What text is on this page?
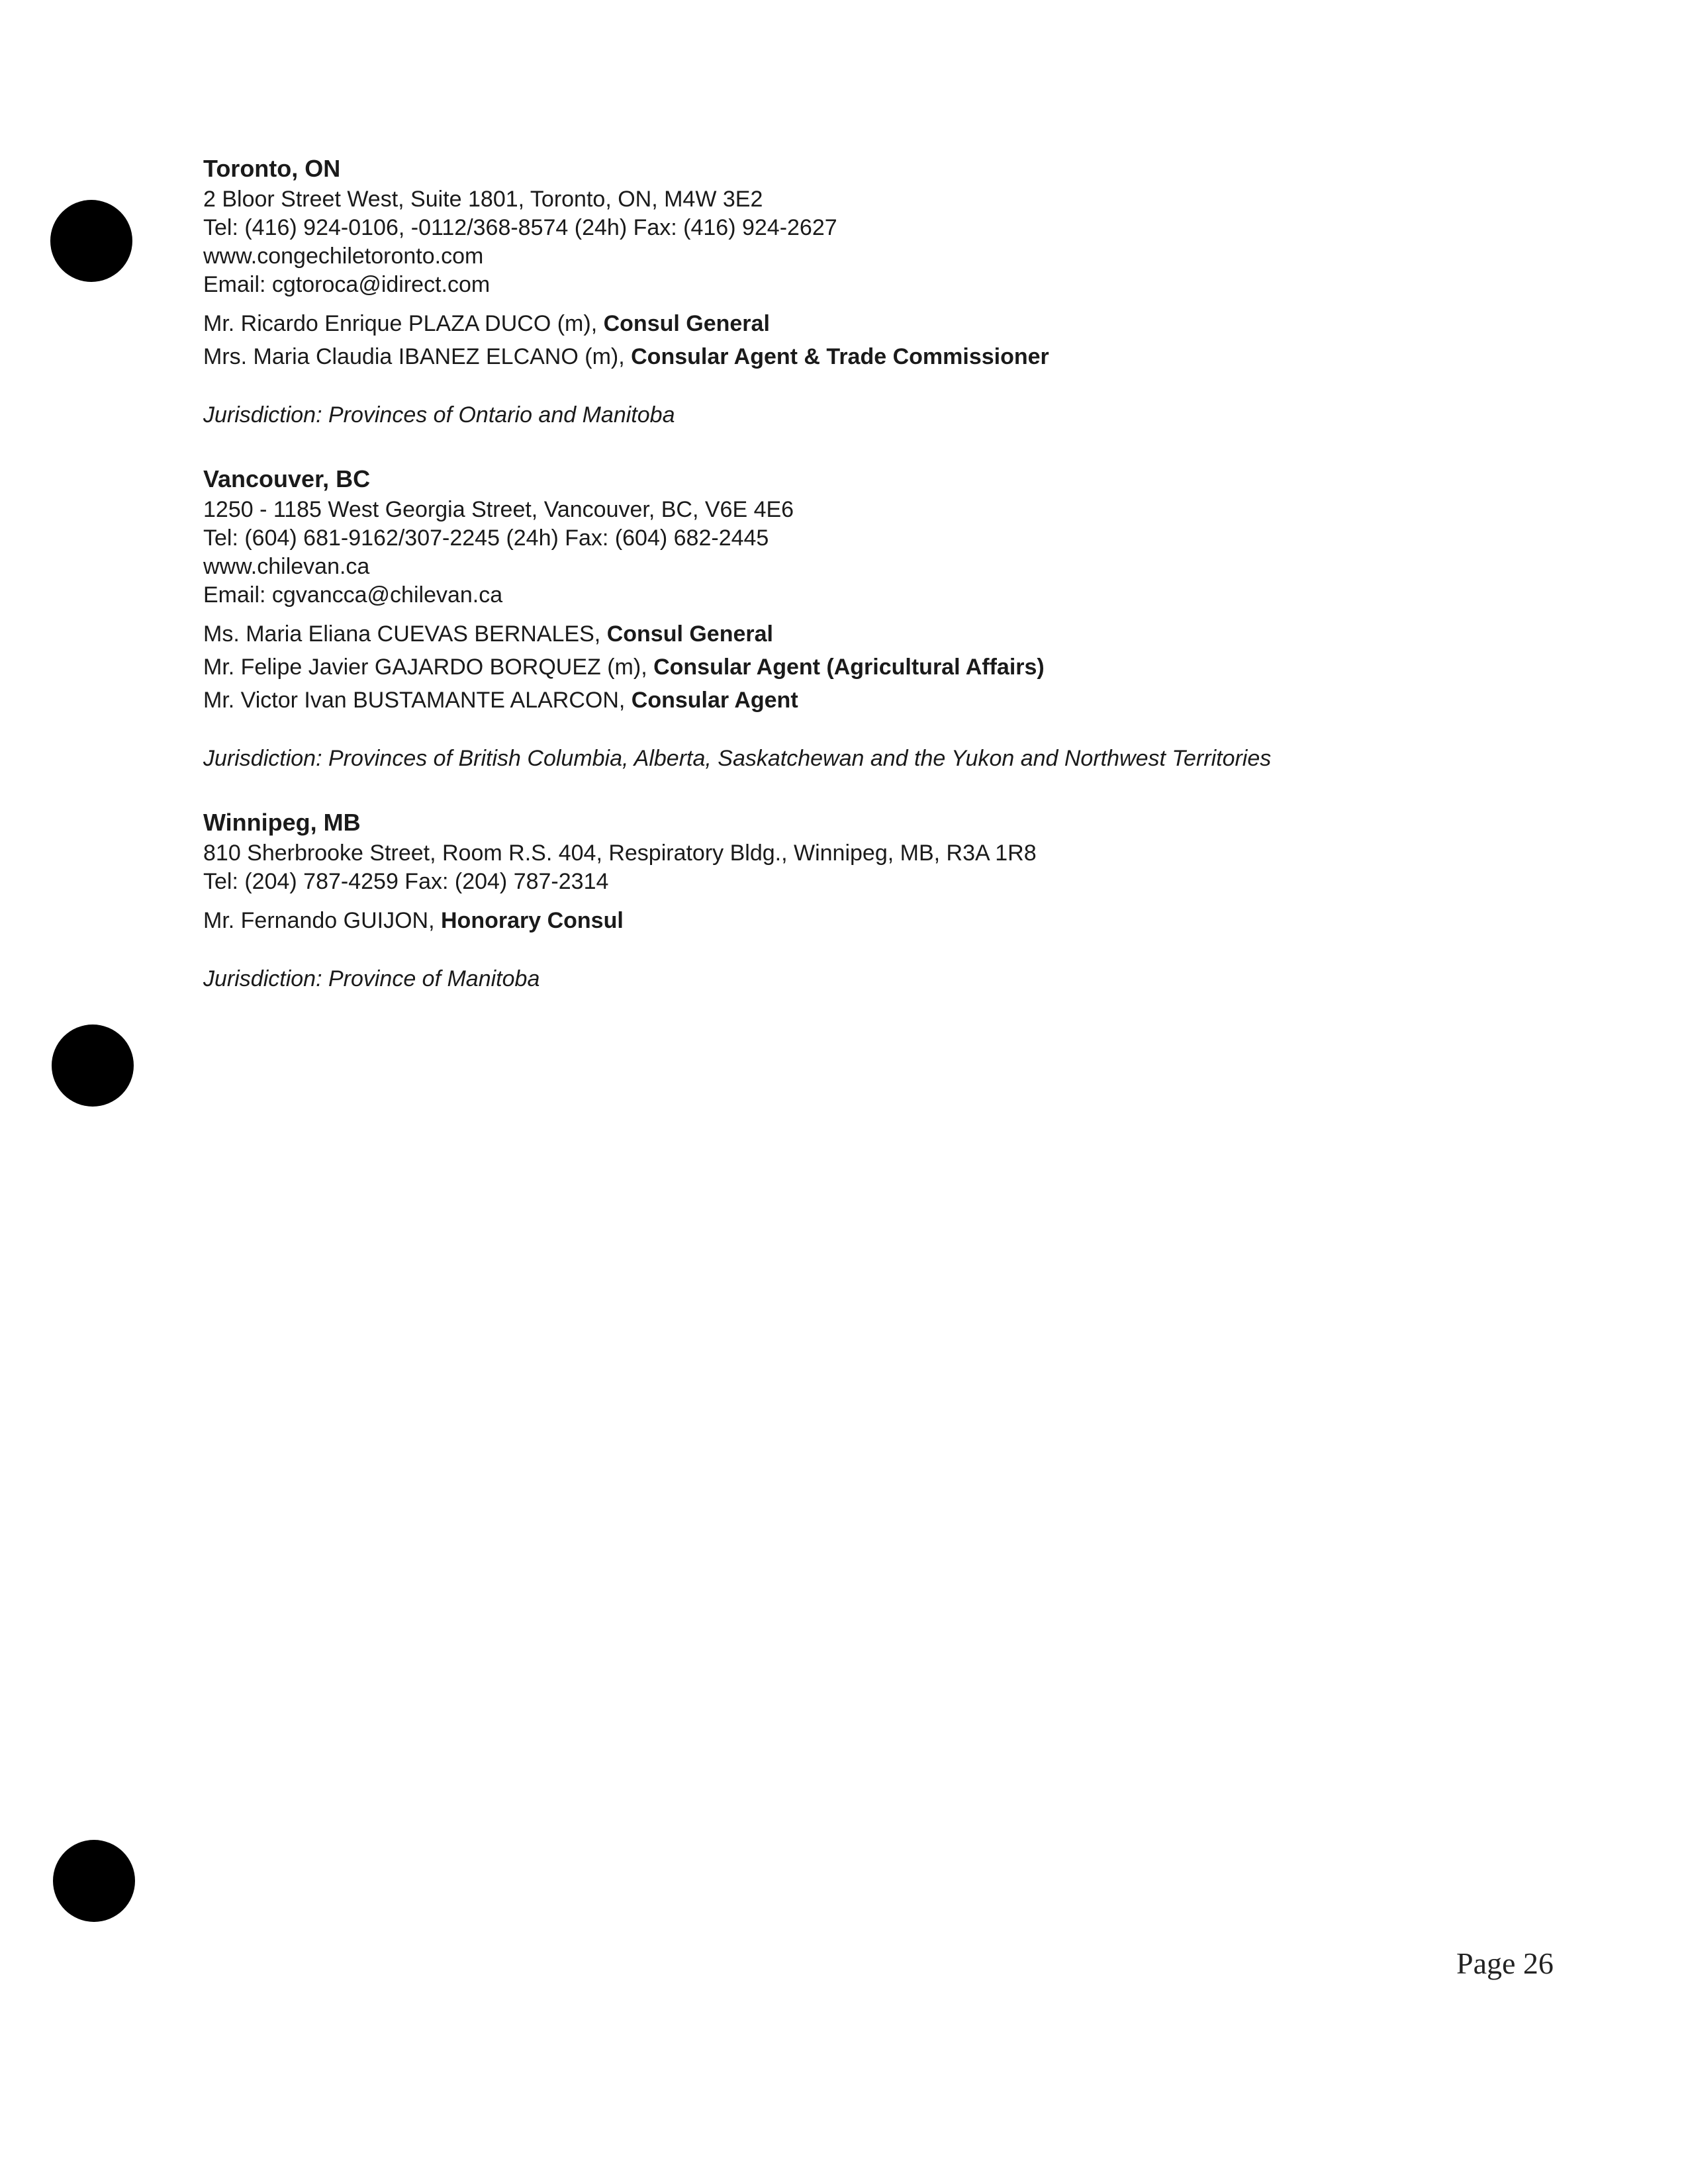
Toronto, ON
2 Bloor Street West, Suite 1801, Toronto, ON, M4W 3E2
Tel: (416) 924-0106, -0112/368-8574 (24h) Fax: (416) 924-2627
www.congechiletoronto.com
Email: cgtoroca@idirect.com
Mr. Ricardo Enrique PLAZA DUCO (m), Consul General
Mrs. Maria Claudia IBANEZ ELCANO (m), Consular Agent & Trade Commissioner
Jurisdiction: Provinces of Ontario and Manitoba
Vancouver, BC
1250 - 1185 West Georgia Street, Vancouver, BC, V6E 4E6
Tel: (604) 681-9162/307-2245 (24h) Fax: (604) 682-2445
www.chilevan.ca
Email: cgvancca@chilevan.ca
Ms. Maria Eliana CUEVAS BERNALES, Consul General
Mr. Felipe Javier GAJARDO BORQUEZ (m), Consular Agent (Agricultural Affairs)
Mr. Victor Ivan BUSTAMANTE ALARCON, Consular Agent
Jurisdiction: Provinces of British Columbia, Alberta, Saskatchewan and the Yukon and Northwest Territories
Winnipeg, MB
810 Sherbrooke Street, Room R.S. 404, Respiratory Bldg., Winnipeg, MB, R3A 1R8
Tel: (204) 787-4259 Fax: (204) 787-2314
Mr. Fernando GUIJON, Honorary Consul
Jurisdiction: Province of Manitoba
Page 26
